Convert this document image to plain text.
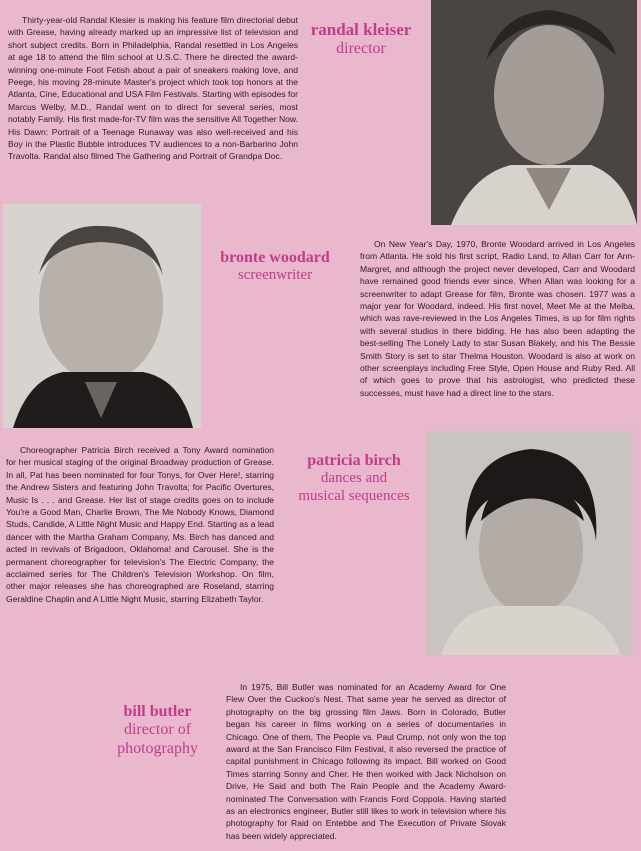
Thirty-year-old Randal Klesier is making his feature film directorial debut with Grease, having already marked up an impressive list of television and short subject credits. Born in Philadelphia, Randal resettled in Los Angeles at age 18 to attend the film school at U.S.C. There he directed the award-winning one-minute Foot Fetish about a pair of sneakers making love, and Peege, his moving 28-minute Master's project which took top honors at the Atlanta, Cine, Educational and USA Film Festivals. Starting with episodes for Marcus Welby, M.D., Randal went on to direct for several series, most notably Family. His first made-for-TV film was the sensitive All Together Now. His Dawn: Portrait of a Teenage Runaway was also well-received and his Boy in the Plastic Bubble introduces TV audiences to a non-Barbarino John Travolta. Randal also filmed The Gathering and Portrait of Grandpa Doc.

randal kleiser
director
bronte woodard
screenwriter

On New Year's Day, 1970, Bronte Woodard arrived in Los Angeles from Atlanta. He sold his first script, Radio Land, to Allan Carr for Ann-Margret, and although the project never developed, Carr and Woodard have remained good friends ever since. When Allan was looking for a screenwriter to adapt Grease for film, Bronte was chosen. 1977 was a major year for Woodard, indeed. His first novel, Meet Me at the Melba, which was rave-reviewed in the Los Angeles Times, is up for film rights with several studios in there bidding. He has also been adapting the best-selling The Lonely Lady to star Susan Blakely, and his The Bessie Smith Story is set to star Thelma Houston. Woodard is also at work on other screenplays including Free Style, Open House and Ruby Red. All of which goes to prove that his astrologist, who predicted these successes, must have had a direct line to the stars.

Choreographer Patricia Birch received a Tony Award nomination for her musical staging of the original Broadway production of Grease. In all, Pat has been nominated for four Tonys, for Over Here!, starring the Andrew Sisters and featuring John Travolta; for Pacific Overtures, Music Is . . . and Grease. Her list of stage credits goes on to include You're a Good Man, Charlie Brown, The Me Nobody Knows, Diamond Studs, Candide, A Little Night Music and Happy End. Starting as a lead dancer with the Martha Graham Company, Ms. Birch has danced and acted in revivals of Brigadoon, Oklahoma! and Carousel. She is the permanent choreographer for television's The Electric Company, the acclaimed series for The Children's Television Workshop. On film, other major releases she has choreographed are Roseland, starring Geraldine Chaplin and A Little Night Music, starring Elizabeth Taylor.

patricia birch
dances and
musical sequences
bill butler
director of
photography

In 1975, Bill Butler was nominated for an Academy Award for One Flew Over the Cuckoo's Nest. That same year he served as director of photography on the big grossing film Jaws. Born in Colorado, Butler began his career in films working on a series of documentaries in Chicago. One of them, The People vs. Paul Crump, not only won the top award at the San Francisco Film Festival, it also reversed the practice of capital punishment in Chicago following its impact. Bill worked on Good Times starring Sonny and Cher. He then worked with Jack Nicholson on Drive, He Said and both The Rain People and the Academy Award-nominated The Conversation with Francis Ford Coppola. Having started as an electronics engineer, Butler still likes to work in television where his photography for Raid on Entebbe and The Execution of Private Slovak has been widely appreciated.
